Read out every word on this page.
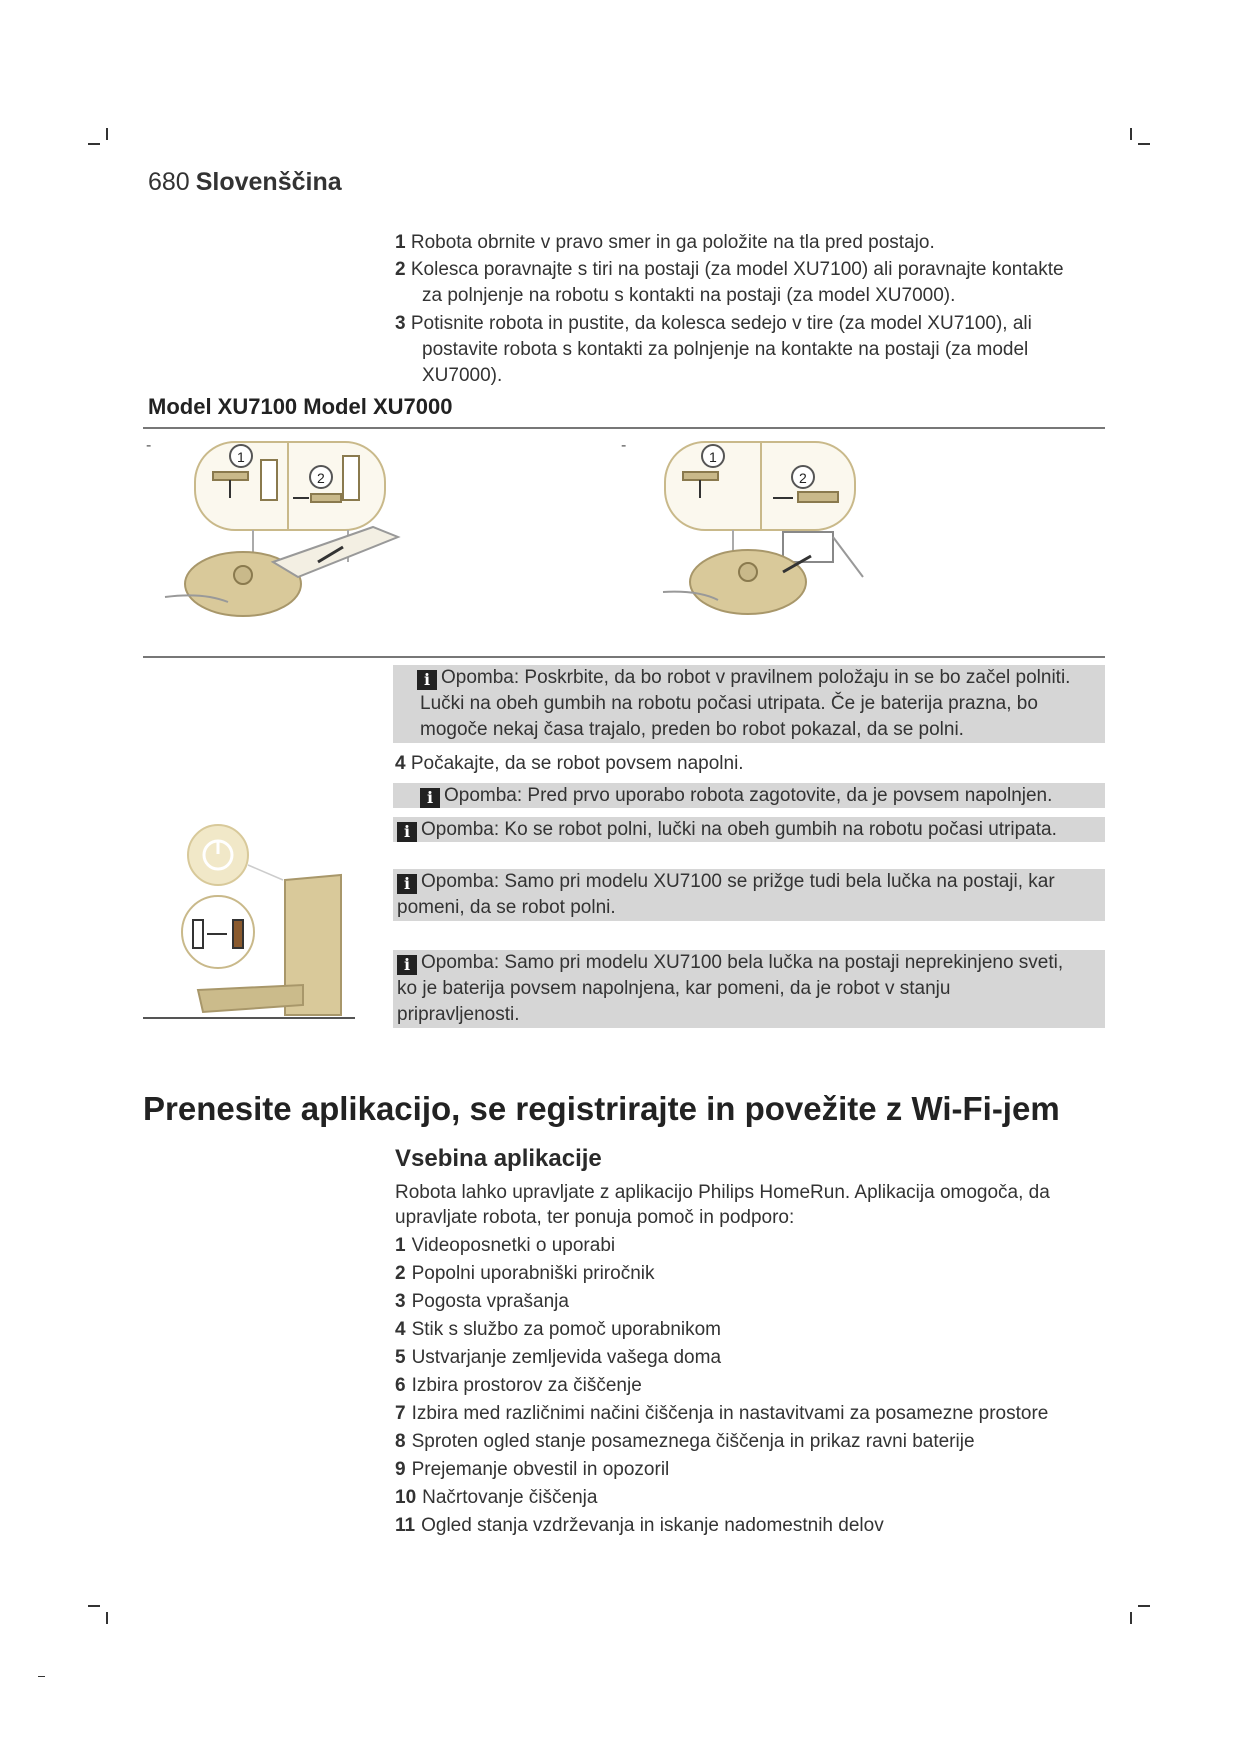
680 Slovenščina
1 Robota obrnite v pravo smer in ga položite na tla pred postajo.
2 Kolesca poravnajte s tiri na postaji (za model XU7100) ali poravnajte kontakte
za polnjenje na robotu s kontakti na postaji (za model XU7000).
3 Potisnite robota in pustite, da kolesca sedejo v tire (za model XU7100), ali
postavite robota s kontakti za polnjenje na kontakte na postaji (za model
XU7000).
Model XU7100 Model XU7000
-	-
1
2
1
2
i Opomba: Poskrbite, da bo robot v pravilnem položaju in se bo začel polniti.
Lučki na obeh gumbih na robotu počasi utripata. Če je baterija prazna, bo
mogoče nekaj časa trajalo, preden bo robot pokazal, da se polni.
4 Počakajte, da se robot povsem napolni.
i Opomba: Pred prvo uporabo robota zagotovite, da je povsem napolnjen.
i Opomba: Ko se robot polni, lučki na obeh gumbih na robotu počasi utripata.
i Opomba: Samo pri modelu XU7100 se prižge tudi bela lučka na postaji, kar
pomeni, da se robot polni.
i Opomba: Samo pri modelu XU7100 bela lučka na postaji neprekinjeno sveti,
ko je baterija povsem napolnjena, kar pomeni, da je robot v stanju
pripravljenosti.
Prenesite aplikacijo, se registrirajte in povežite z Wi-Fi-jem
Vsebina aplikacije
Robota lahko upravljate z aplikacijo Philips HomeRun. Aplikacija omogoča, da upravljate robota, ter ponuja pomoč in podporo:
1 Videoposnetki o uporabi
2 Popolni uporabniški priročnik
3 Pogosta vprašanja
4 Stik s službo za pomoč uporabnikom
5 Ustvarjanje zemljevida vašega doma
6 Izbira prostorov za čiščenje
7 Izbira med različnimi načini čiščenja in nastavitvami za posamezne prostore
8 Sproten ogled stanje posameznega čiščenja in prikaz ravni baterije
9 Prejemanje obvestil in opozoril
10 Načrtovanje čiščenja
11 Ogled stanja vzdrževanja in iskanje nadomestnih delov
